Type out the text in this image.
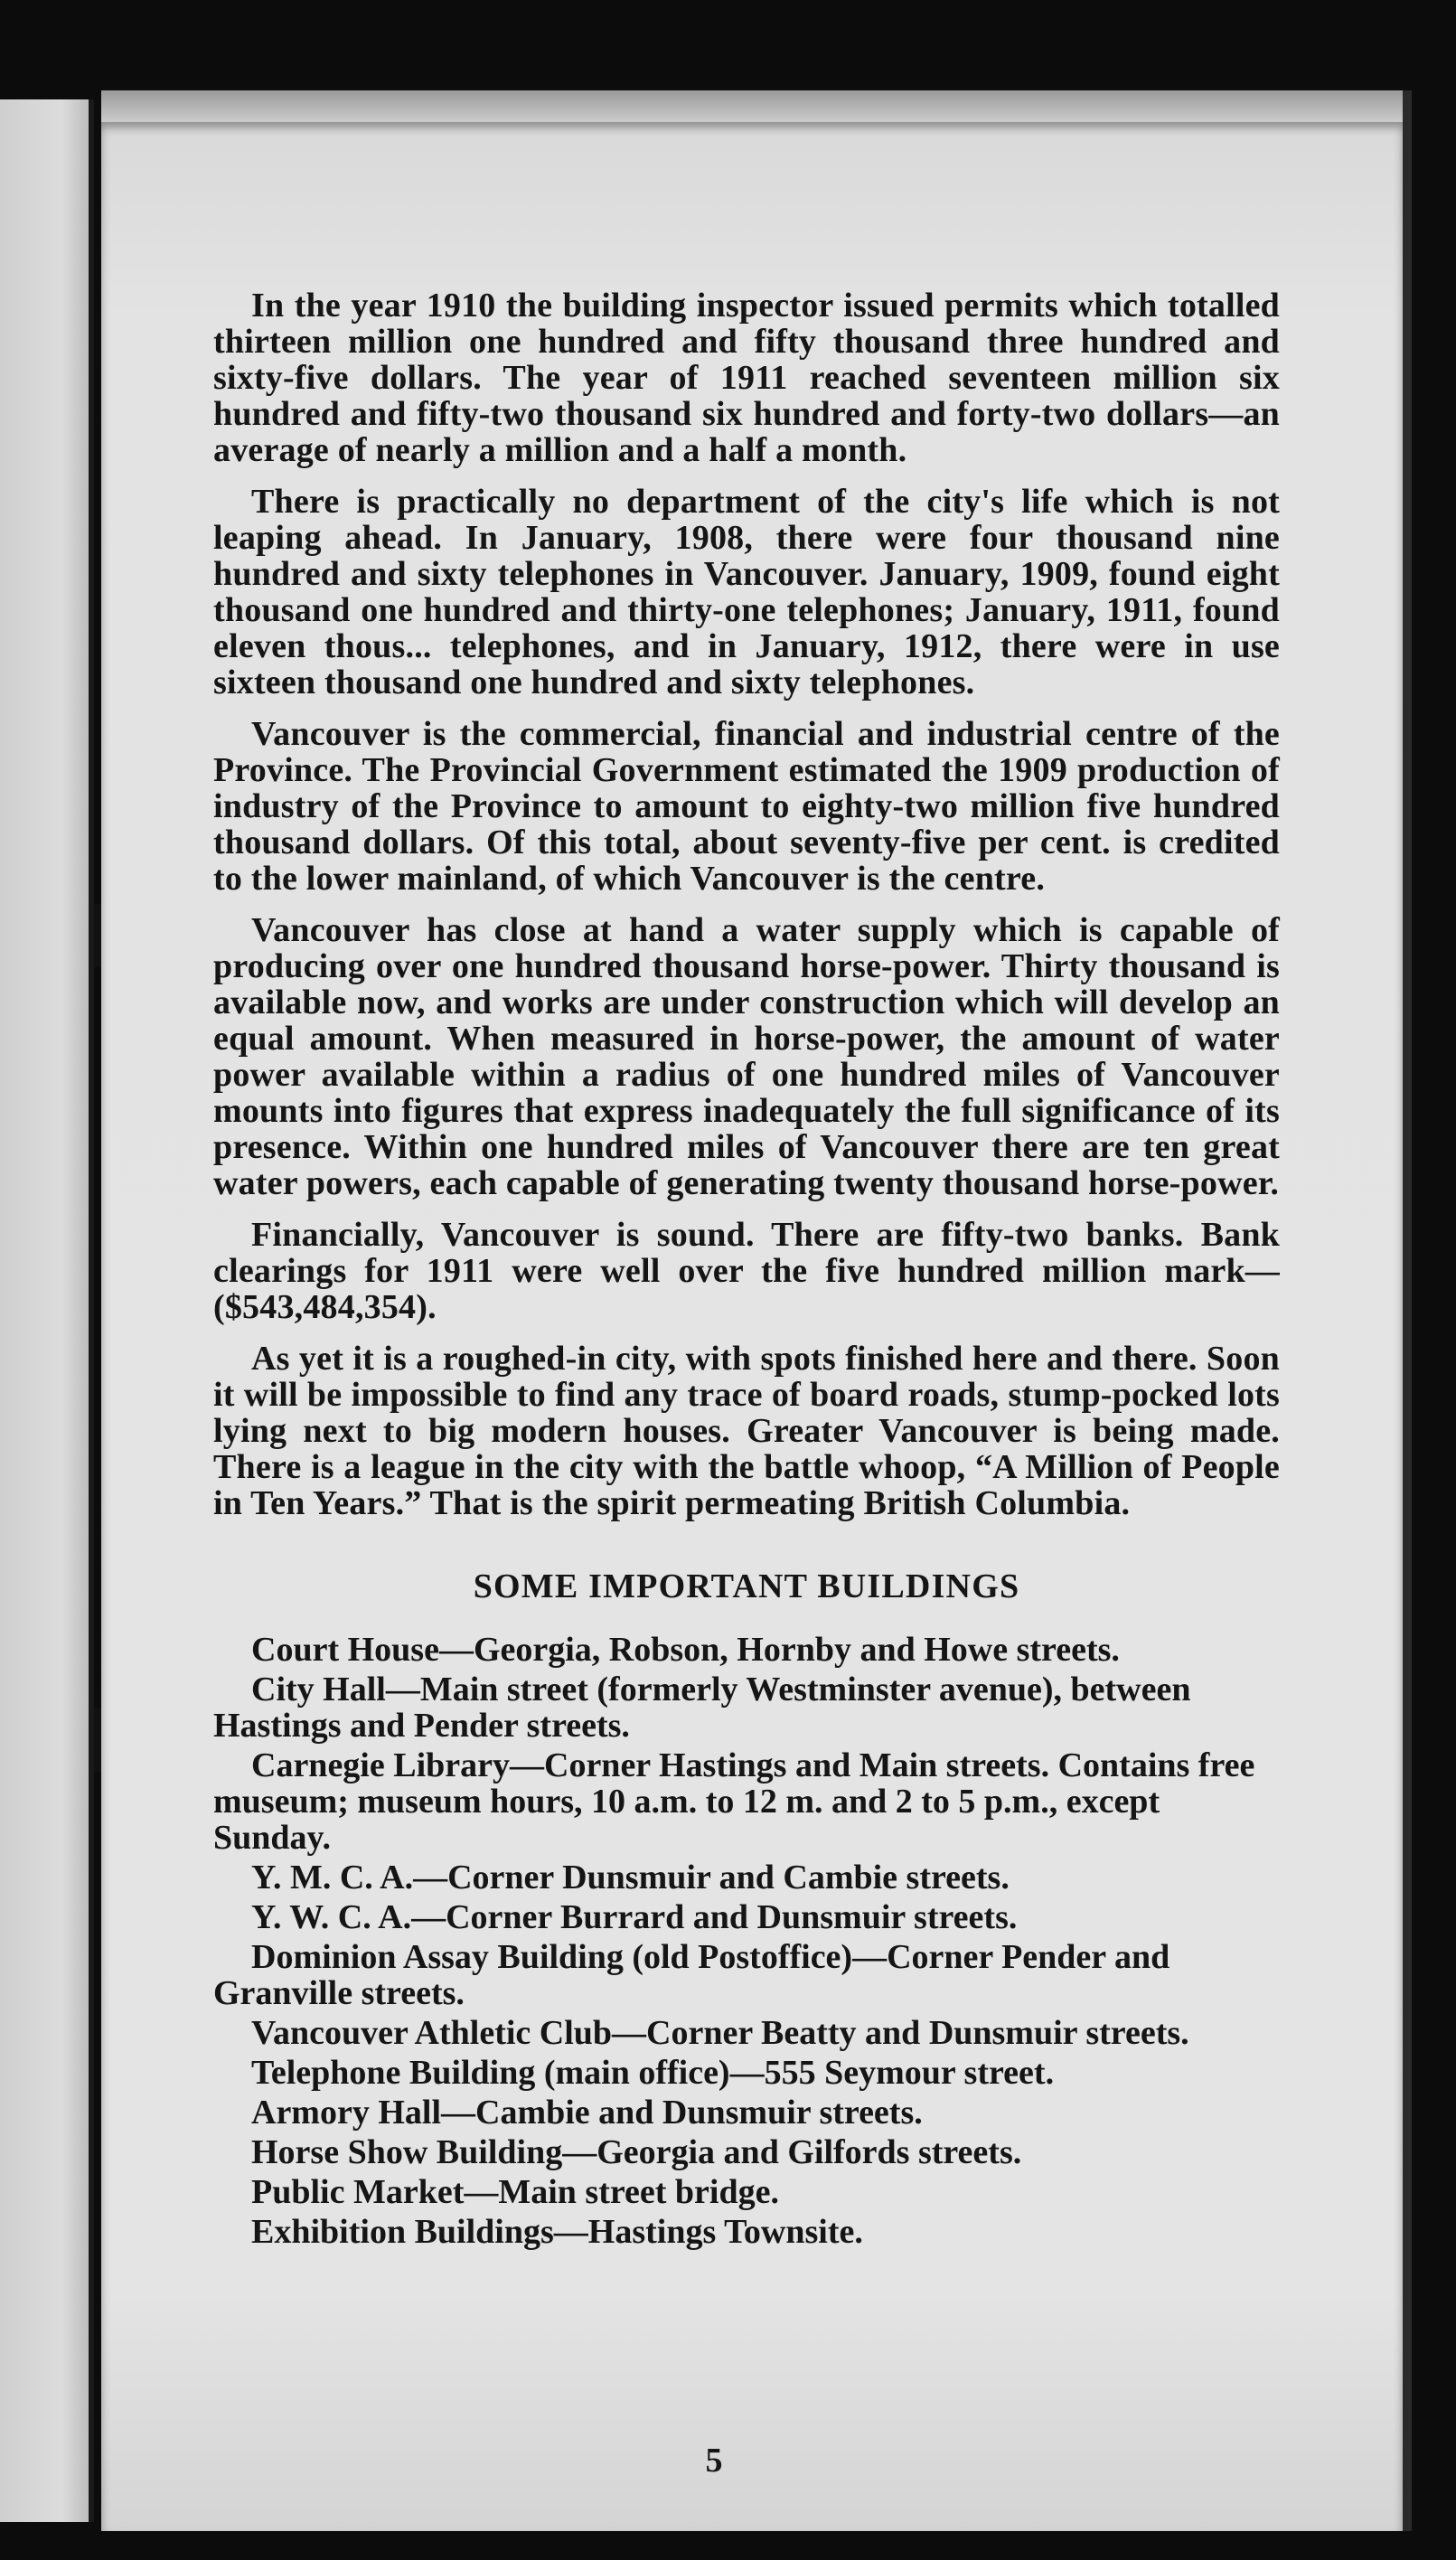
In the year 1910 the building inspector issued permits which totalled thirteen million one hundred and fifty thousand three hundred and sixty-five dollars. The year of 1911 reached seventeen million six hundred and fifty-two thousand six hundred and forty-two dollars—an average of nearly a million and a half a month.

There is practically no department of the city's life which is not leaping ahead. In January, 1908, there were four thousand nine hundred and sixty telephones in Vancouver. January, 1909, found eight thousand one hundred and thirty-one telephones; January, 1911, found eleven thous... telephones, and in January, 1912, there were in use sixteen thousand one hundred and sixty telephones.

Vancouver is the commercial, financial and industrial centre of the Province. The Provincial Government estimated the 1909 production of industry of the Province to amount to eighty-two million five hundred thousand dollars. Of this total, about seventy-five per cent. is credited to the lower mainland, of which Vancouver is the centre.

Vancouver has close at hand a water supply which is capable of producing over one hundred thousand horse-power. Thirty thousand is available now, and works are under construction which will develop an equal amount. When measured in horse-power, the amount of water power available within a radius of one hundred miles of Vancouver mounts into figures that express inadequately the full significance of its presence. Within one hundred miles of Vancouver there are ten great water powers, each capable of generating twenty thousand horse-power.

Financially, Vancouver is sound. There are fifty-two banks. Bank clearings for 1911 were well over the five hundred million mark—($543,484,354).

As yet it is a roughed-in city, with spots finished here and there. Soon it will be impossible to find any trace of board roads, stump-pocked lots lying next to big modern houses. Greater Vancouver is being made. There is a league in the city with the battle whoop, “A Million of People in Ten Years.” That is the spirit permeating British Columbia.

SOME IMPORTANT BUILDINGS

Court House—Georgia, Robson, Hornby and Howe streets.

City Hall—Main street (formerly Westminster avenue), between Hastings and Pender streets.

Carnegie Library—Corner Hastings and Main streets. Contains free museum; museum hours, 10 a.m. to 12 m. and 2 to 5 p.m., except Sunday.

Y. M. C. A.—Corner Dunsmuir and Cambie streets.

Y. W. C. A.—Corner Burrard and Dunsmuir streets.

Dominion Assay Building (old Postoffice)—Corner Pender and Granville streets.

Vancouver Athletic Club—Corner Beatty and Dunsmuir streets.

Telephone Building (main office)—555 Seymour street.

Armory Hall—Cambie and Dunsmuir streets.

Horse Show Building—Georgia and Gilfords streets.

Public Market—Main street bridge.

Exhibition Buildings—Hastings Townsite.

5
